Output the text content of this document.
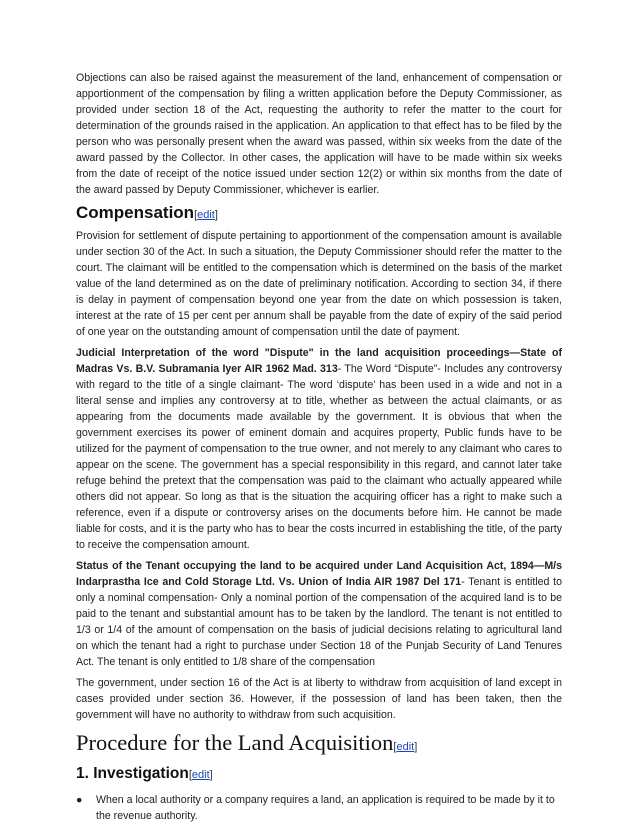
Objections can also be raised against the measurement of the land, enhancement of compensation or apportionment of the compensation by filing a written application before the Deputy Commissioner, as provided under section 18 of the Act, requesting the authority to refer the matter to the court for determination of the grounds raised in the application. An application to that effect has to be filed by the person who was personally present when the award was passed, within six weeks from the date of the award passed by the Collector. In other cases, the application will have to be made within six weeks from the date of receipt of the notice issued under section 12(2) or within six months from the date of the award passed by Deputy Commissioner, whichever is earlier.

Compensation[edit]

Provision for settlement of dispute pertaining to apportionment of the compensation amount is available under section 30 of the Act. In such a situation, the Deputy Commissioner should refer the matter to the court. The claimant will be entitled to the compensation which is determined on the basis of the market value of the land determined as on the date of preliminary notification. According to section 34, if there is delay in payment of compensation beyond one year from the date on which possession is taken, interest at the rate of 15 per cent per annum shall be payable from the date of expiry of the said period of one year on the outstanding amount of compensation until the date of payment.

Judicial Interpretation of the word "Dispute" in the land acquisition proceedings—State of Madras Vs. B.V. Subramania Iyer AIR 1962 Mad. 313- The Word “Dispute”- Includes any controversy with regard to the title of a single claimant- The word ‘dispute’ has been used in a wide and not in a literal sense and implies any controversy at to title, whether as between the actual claimants, or as appearing from the documents made available by the government. It is obvious that when the government exercises its power of eminent domain and acquires property, Public funds have to be utilized for the payment of compensation to the true owner, and not merely to any claimant who cares to appear on the scene. The government has a special responsibility in this regard, and cannot later take refuge behind the pretext that the compensation was paid to the claimant who actually appeared while others did not appear. So long as that is the situation the acquiring officer has a right to make such a reference, even if a dispute or controversy arises on the documents before him. He cannot be made liable for costs, and it is the party who has to bear the costs incurred in establishing the title, of the party to receive the compensation amount.

Status of the Tenant occupying the land to be acquired under Land Acquisition Act, 1894—M/s Indarprastha Ice and Cold Storage Ltd. Vs. Union of India AIR 1987 Del 171- Tenant is entitled to only a nominal compensation- Only a nominal portion of the compensation of the acquired land is to be paid to the tenant and substantial amount has to be taken by the landlord. The tenant is not entitled to 1/3 or 1/4 of the amount of compensation on the basis of judicial decisions relating to agricultural land on which the tenant had a right to purchase under Section 18 of the Punjab Security of Land Tenures Act. The tenant is only entitled to 1/8 share of the compensation

The government, under section 16 of the Act is at liberty to withdraw from acquisition of land except in cases provided under section 36. However, if the possession of land has been taken, then the government will have no authority to withdraw from such acquisition.

Procedure for the Land Acquisition[edit]
1. Investigation[edit]
● When a local authority or a company requires a land, an application is required to be made by it to the revenue authority.
